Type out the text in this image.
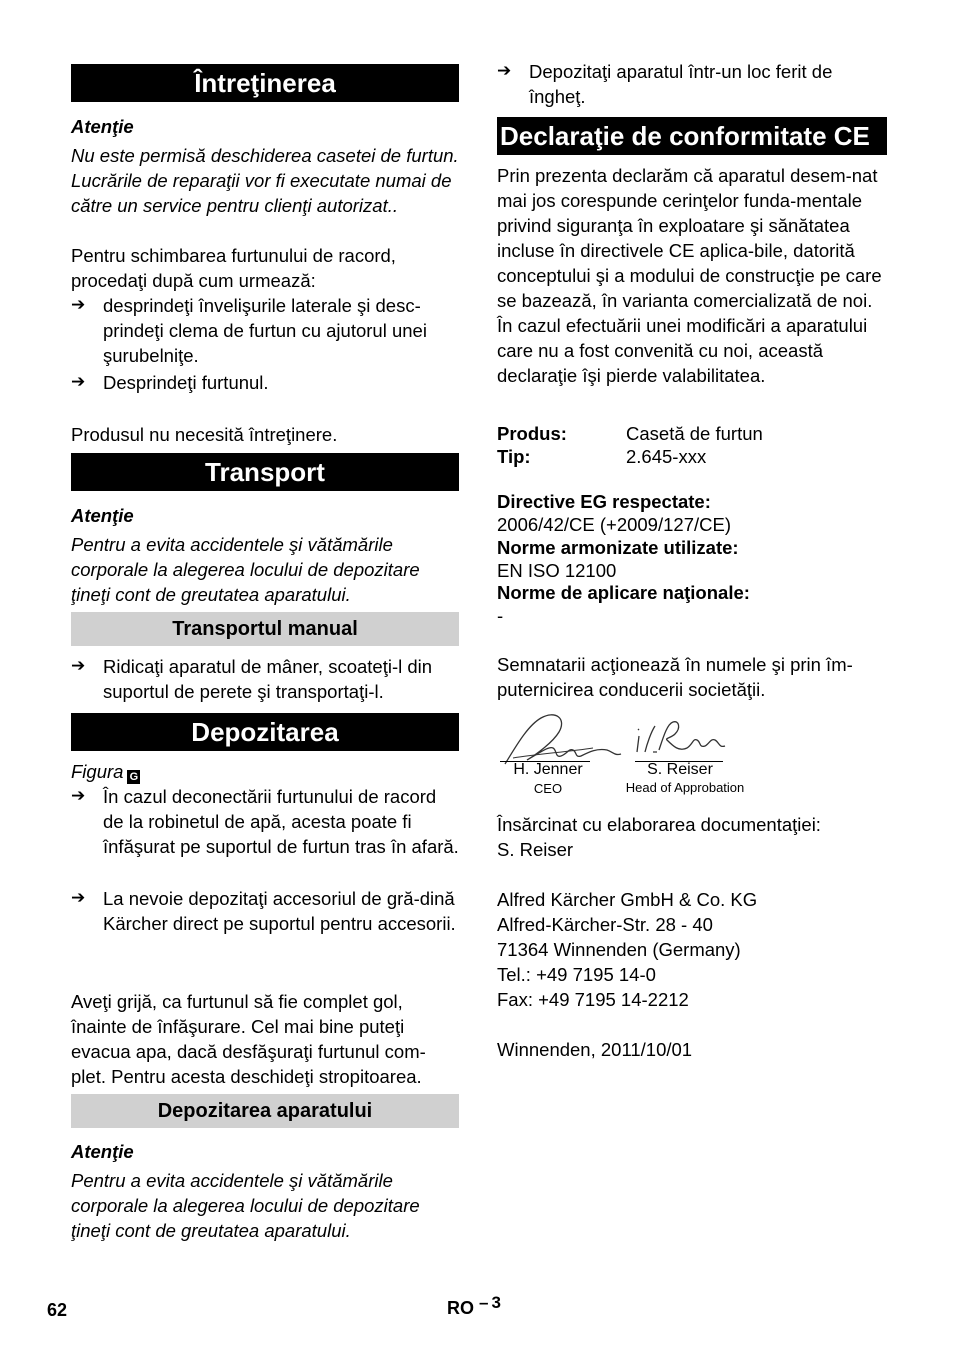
Întreţinerea
Atenţie
Nu este permisă deschiderea casetei de furtun. Lucrările de reparaţii vor fi executate numai de către un service pentru clienţi autorizat..
Pentru schimbarea furtunului de racord, procedaţi după cum urmează:
➔ desprindeţi învelişurile laterale şi desc-prindeţi clema de furtun cu ajutorul unei şurubelniţe.
➔ Desprindeţi furtunul.
Produsul nu necesită întreţinere.
Transport
Atenţie
Pentru a evita accidentele şi vătămările corporale la alegerea locului de depozitare ţineţi cont de greutatea aparatului.
Transportul manual
➔ Ridicaţi aparatul de mâner, scoateţi-l din suportul de perete şi transportaţi-l.
Depozitarea
Figura G
➔ În cazul deconectării furtunului de racord de la robinetul de apă, acesta poate fi înfăşurat pe suportul de furtun tras în afară.
➔ La nevoie depozitaţi accesoriul de gră-dină Kärcher direct pe suportul pentru accesorii.
Aveţi grijă, ca furtunul să fie complet gol, înainte de înfăşurare. Cel mai bine puteţi evacua apa, dacă desfăşuraţi furtunul com-plet. Pentru acesta deschideţi stropitoarea.
Depozitarea aparatului
Atenţie
Pentru a evita accidentele şi vătămările corporale la alegerea locului de depozitare ţineţi cont de greutatea aparatului.
➔ Depozitaţi aparatul într-un loc ferit de îngheţ.
Declaraţie de conformitate CE
Prin prezenta declarăm că aparatul desem-nat mai jos corespunde cerinţelor funda-mentale privind siguranţa în exploatare şi sănătatea incluse în directivele CE aplica-bile, datorită conceptului şi a modului de construcţie pe care se bazează, în varianta comercializată de noi. În cazul efectuării unei modificări a aparatului care nu a fost convenită cu noi, această declaraţie îşi pierde valabilitatea.
Produs:	Casetă de furtun
Tip:	2.645-xxx
Directive EG respectate:
2006/42/CE (+2009/127/CE)
Norme armonizate utilizate:
EN ISO 12100
Norme de aplicare naţionale:
-
Semnatarii acţionează în numele şi prin îm-puternicirea conducerii societăţii.
H. Jenner
CEO
S. Reiser
Head of Approbation
Însărcinat cu elaborarea documentaţiei:
S. Reiser
Alfred Kärcher GmbH & Co. KG
Alfred-Kärcher-Str. 28 - 40
71364 Winnenden (Germany)
Tel.: +49 7195 14-0
Fax: +49 7195 14-2212
Winnenden, 2011/10/01
62	RO – 3
